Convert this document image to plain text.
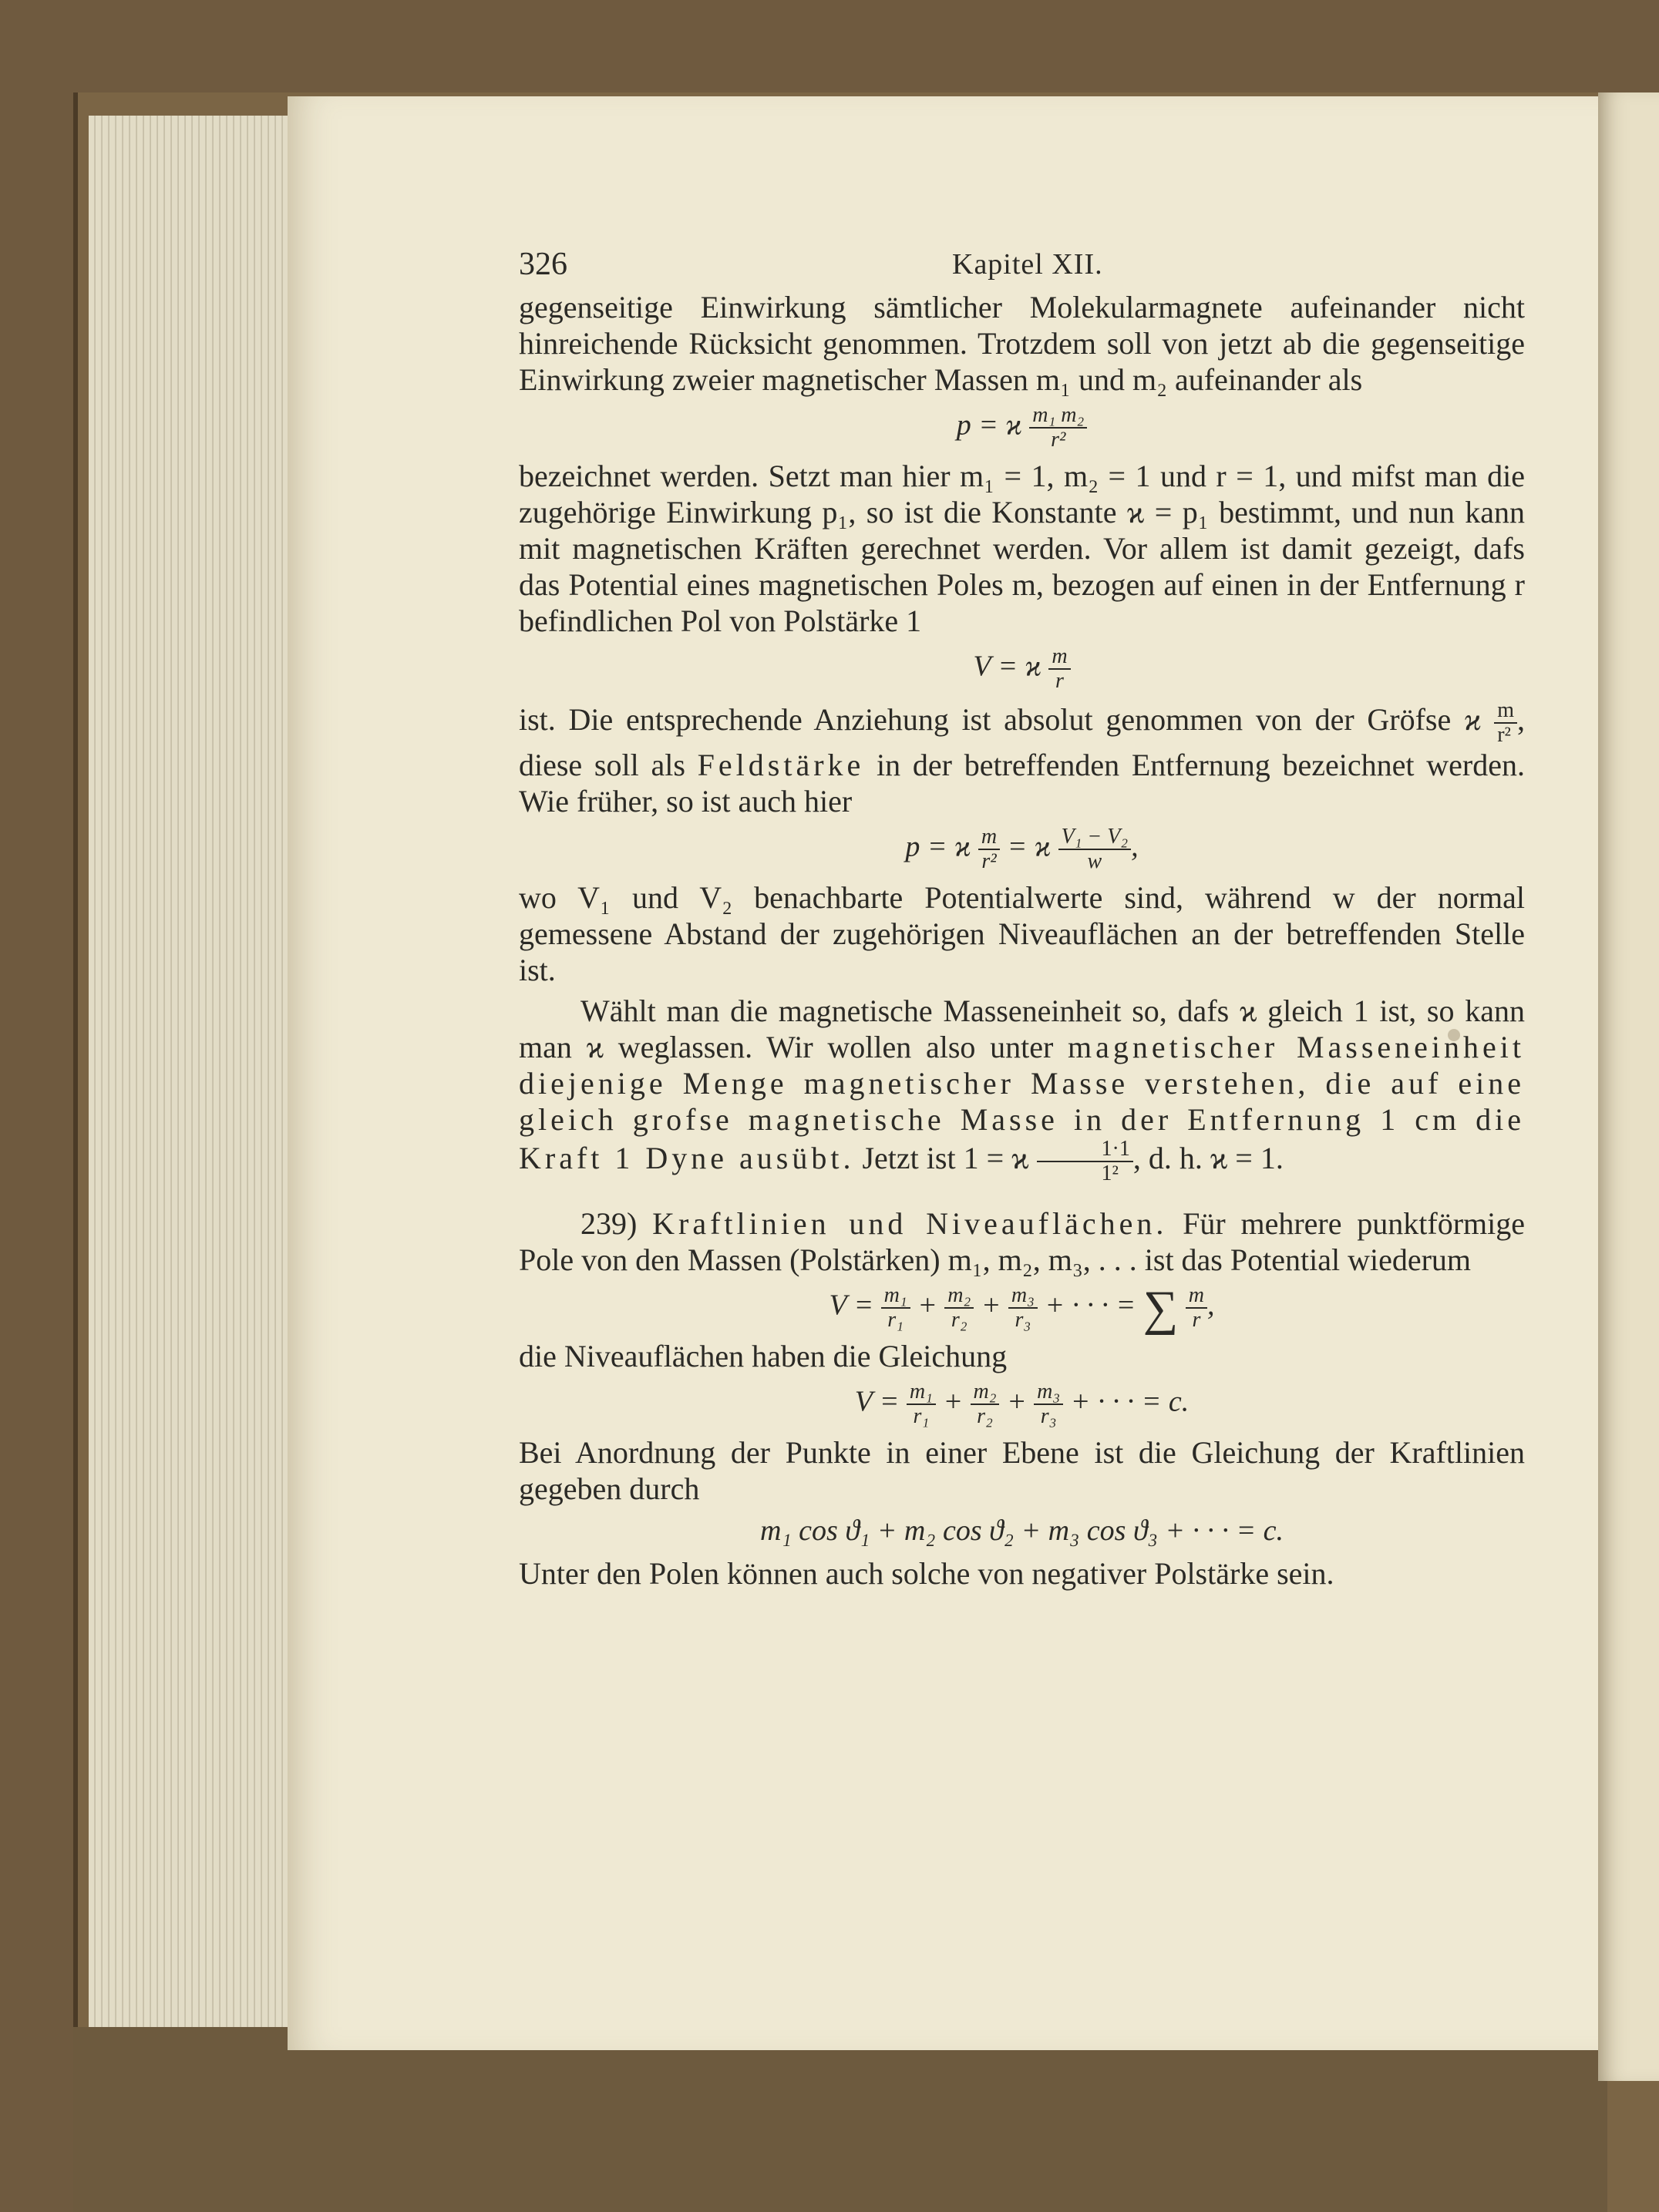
326	Kapitel XII.

gegenseitige Einwirkung sämtlicher Molekularmagnete aufeinander nicht hinreichende Rücksicht genommen. Trotzdem soll von jetzt ab die gegenseitige Einwirkung zweier magnetischer Massen m₁ und m₂ aufeinander als

p = ϰ $\frac{\text{m₁ m₂}}{\text{r²}}$

bezeichnet werden. Setzt man hier m₁ = 1, m₂ = 1 und r = 1, und mifst man die zugehörige Einwirkung p₁, so ist die Konstante ϰ = p₁ bestimmt, und nun kann mit magnetischen Kräften gerechnet werden. Vor allem ist damit gezeigt, dafs das Potential eines magnetischen Poles m, bezogen auf einen in der Entfernung r befindlichen Pol von Polstärke 1

V = ϰ $\frac{m}{r}$

ist. Die entsprechende Anziehung ist absolut genommen von der Gröfse ϰ $\frac{m}{\text{r²}}$ , diese soll als Feldstärke in der betreffenden Entfernung bezeichnet werden. Wie früher, so ist auch hier

p = ϰ $\frac{m}{\text{r²}} = ϰ \frac{\text{V₁ − V₂}}{w}$ ,

wo V₁ und V₂ benachbarte Potentialwerte sind, während w der normal gemessene Abstand der zugehörigen Niveauflächen an der betreffenden Stelle ist.

Wählt man die magnetische Masseneinheit so, dafs ϰ gleich 1 ist, so kann man ϰ weglassen. Wir wollen also unter magnetischer Masseneinheit diejenige Menge magnetischer Masse verstehen, die auf eine gleich grofse magnetische Masse in der Entfernung 1 cm die Kraft 1 Dyne ausübt. Jetzt ist 1 = ϰ $\frac{1\cdot 1}{\text{1²}}$ , d. h. ϰ = 1.

239) Kraftlinien und Niveauflächen. Für mehrere punktförmige Pole von den Massen (Polstärken) m₁, m₂, m₃, . . . ist das Potential wiederum

$V = \frac{\text{m₁}}{\text{r₁}} + \frac{\text{m₂}}{\text{r₂}} + \frac{\text{m₃}}{\text{r₃}}$ + · · · = ∑ $\frac{m}{r}$ ,

die Niveauflächen haben die Gleichung

$V = \frac{\text{m₁}}{\text{r₁}} + \frac{\text{m₂}}{\text{r₂}} + \frac{\text{m₃}}{\text{r₃}}$ + · · · = c.

Bei Anordnung der Punkte in einer Ebene ist die Gleichung der Kraftlinien gegeben durch

m₁ cos ϑ₁ + m₂ cos ϑ₂ + m₃ cos ϑ₃ + · · · = c.

Unter den Polen können auch solche von negativer Polstärke sein.
